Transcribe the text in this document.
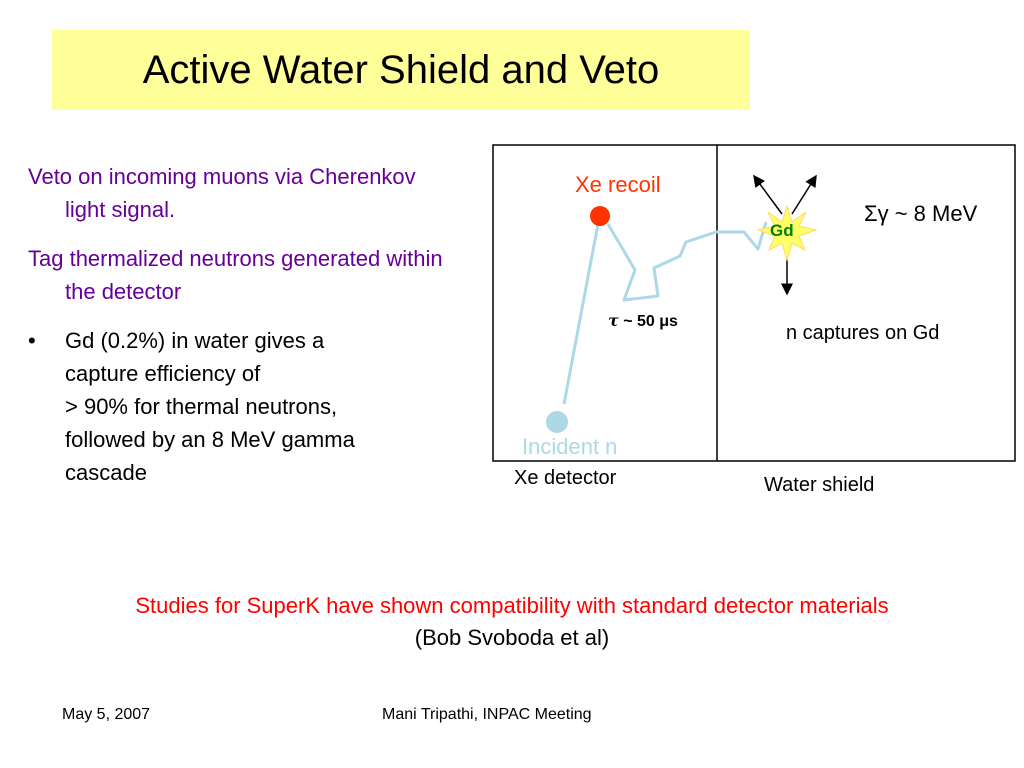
Active Water Shield and Veto
Veto on incoming muons via Cherenkov light signal.
Tag thermalized neutrons generated within the detector
• Gd (0.2%) in water gives a
capture efficiency of
> 90% for thermal neutrons,
followed by an 8 MeV gamma
cascade
Xe recoil
τ ~ 50 μs
Gd
Σγ ~ 8 MeV
n captures on Gd
Incident n
Xe detector	Water shield
Studies for SuperK have shown compatibility with standard detector materials
(Bob Svoboda et al)
May 5, 2007	Mani Tripathi, INPAC Meeting
